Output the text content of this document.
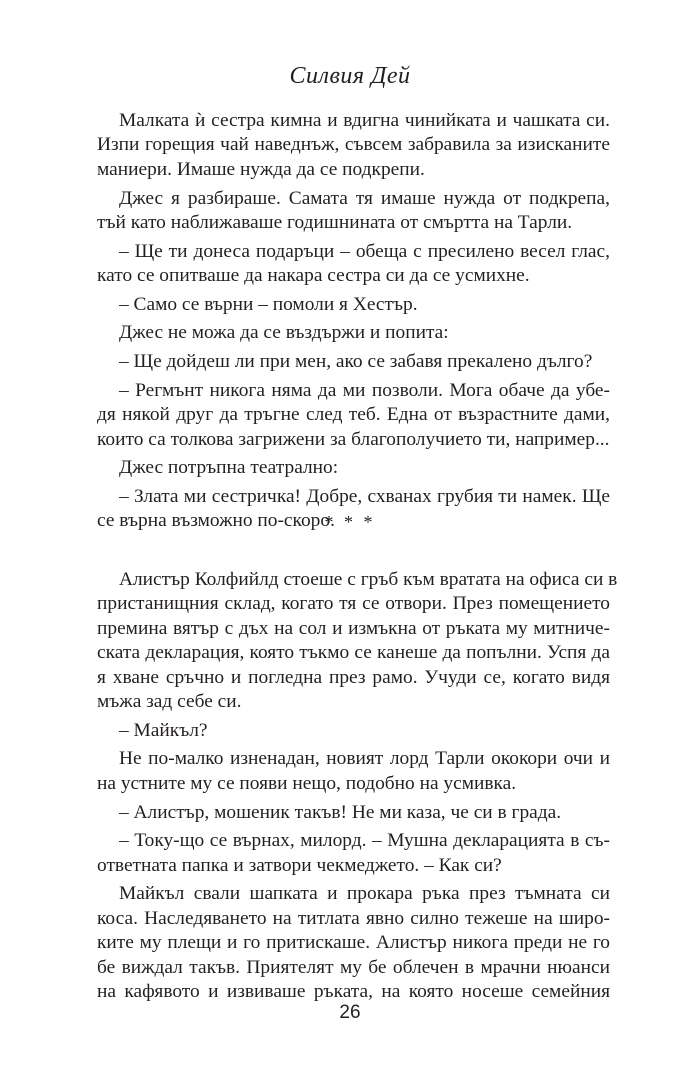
Силвия Дей
Малката ѝ сестра кимна и вдигна чинийката и чашката си.
Изпи горещия чай наведнъж, съвсем забравила за изисканите
маниери. Имаше нужда да се подкрепи.
Джес я разбираше. Самата тя имаше нужда от подкрепа,
тъй като наближаваше годишнината от смъртта на Тарли.
– Ще ти донеса подаръци – обеща с пресилено весел глас,
като се опитваше да накара сестра си да се усмихне.
– Само се върни – помоли я Хестър.
Джес не можа да се въздържи и попита:
– Ще дойдеш ли при мен, ако се забавя прекалено дълго?
– Регмънт никога няма да ми позволи. Мога обаче да убе-
дя някой друг да тръгне след теб. Една от възрастните дами,
които са толкова загрижени за благополучието ти, например...
Джес потръпна театрално:
– Злата ми сестричка! Добре, схванах грубия ти намек. Ще
се върна възможно по-скоро.
* * *
Алистър Колфийлд стоеше с гръб към вратата на офиса си в
пристанищния склад, когато тя се отвори. През помещението
премина вятър с дъх на сол и измъкна от ръката му митниче-
ската декларация, която тъкмо се канеше да попълни. Успя да
я хване сръчно и погледна през рамо. Учуди се, когато видя
мъжа зад себе си.
– Майкъл?
Не по-малко изненадан, новият лорд Тарли ококори очи и
на устните му се появи нещо, подобно на усмивка.
– Алистър, мошеник такъв! Не ми каза, че си в града.
– Току-що се върнах, милорд. – Мушна декларацията в съ-
ответната папка и затвори чекмеджето. – Как си?
Майкъл свали шапката и прокара ръка през тъмната си
коса. Наследяването на титлата явно силно тежеше на широ-
ките му плещи и го притискаше. Алистър никога преди не го
бе виждал такъв. Приятелят му бе облечен в мрачни нюанси
на кафявото и извиваше ръката, на която носеше семейния
26
